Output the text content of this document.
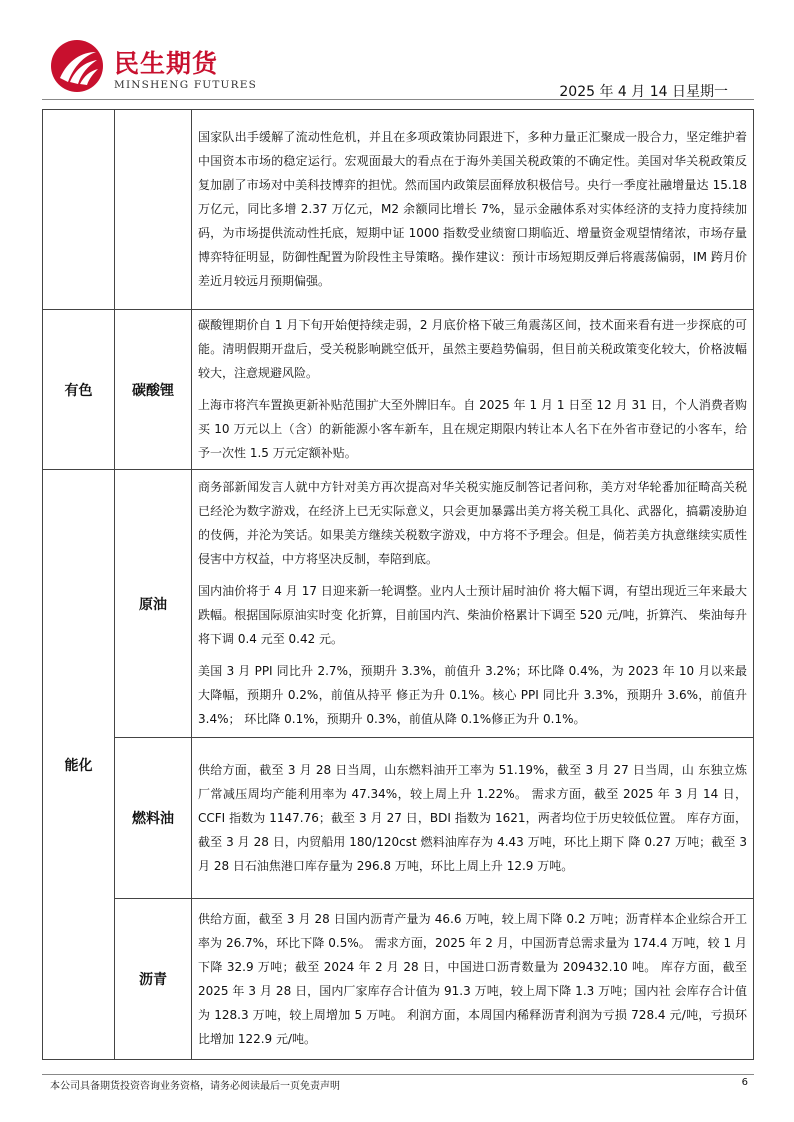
民生期货
MINSHENG FUTURES	2025 年 4 月 14 日星期一

		国家队出手缓解了流动性危机，并且在多项政策协同跟进下，多种力量正汇聚成一股合力，坚定维护着中国资本市场的稳定运行。宏观面最大的看点在于海外美国关税政策的不确定性。美国对华关税政策反复加剧了市场对中美科技博弈的担忧。然而国内政策层面释放积极信号。央行一季度社融增量达 15.18 万亿元，同比多增 2.37 万亿元，M2 余额同比增长 7%，显示金融体系对实体经济的支持力度持续加码，为市场提供流动性托底，短期中证 1000 指数受业绩窗口期临近、增量资金观望情绪浓，市场存量博弈特征明显，防御性配置为阶段性主导策略。操作建议：预计市场短期反弹后将震荡偏弱，IM 跨月价差近月较远月预期偏强。

有色	碳酸锂	碳酸锂期价自 1 月下旬开始便持续走弱，2 月底价格下破三角震荡区间，技术面来看有进一步探底的可能。清明假期开盘后，受关税影响跳空低开，虽然主要趋势偏弱，但目前关税政策变化较大，价格波幅较大，注意规避风险。

上海市将汽车置换更新补贴范围扩大至外牌旧车。自 2025 年 1 月 1 日至 12 月 31 日，个人消费者购买 10 万元以上（含）的新能源小客车新车，且在规定期限内转让本人名下在外省市登记的小客车，给予一次性 1.5 万元定额补贴。

能化	原油	商务部新闻发言人就中方针对美方再次提高对华关税实施反制答记者问称，美方对华轮番加征畸高关税已经沦为数字游戏，在经济上已无实际意义，只会更加暴露出美方将关税工具化、武器化，搞霸凌胁迫的伎俩，并沦为笑话。如果美方继续关税数字游戏，中方将不予理会。但是，倘若美方执意继续实质性侵害中方权益，中方将坚决反制，奉陪到底。

国内油价将于 4 月 17 日迎来新一轮调整。业内人士预计届时油价 将大幅下调，有望出现近三年来最大跌幅。根据国际原油实时变 化折算，目前国内汽、柴油价格累计下调至 520 元/吨，折算汽、 柴油每升将下调 0.4 元至 0.42 元。

美国 3 月 PPI 同比升 2.7%，预期升 3.3%，前值升 3.2%；环比降 0.4%，为 2023 年 10 月以来最大降幅，预期升 0.2%，前值从持平 修正为升 0.1%。核心 PPI 同比升 3.3%，预期升 3.6%，前值升 3.4%； 环比降 0.1%，预期升 0.3%，前值从降 0.1%修正为升 0.1%。

	燃料油	供给方面，截至 3 月 28 日当周，山东燃料油开工率为 51.19%，截至 3 月 27 日当周，山 东独立炼厂常减压周均产能利用率为 47.34%，较上周上升 1.22%。 需求方面，截至 2025 年 3 月 14 日，CCFI 指数为 1147.76；截至 3 月 27 日，BDI 指数为 1621，两者均位于历史较低位置。 库存方面，截至 3 月 28 日，内贸船用 180/120cst 燃料油库存为 4.43 万吨，环比上期下 降 0.27 万吨；截至 3 月 28 日石油焦港口库存量为 296.8 万吨，环比上周上升 12.9 万吨。

	沥青	供给方面，截至 3 月 28 日国内沥青产量为 46.6 万吨，较上周下降 0.2 万吨；沥青样本企业综合开工率为 26.7%，环比下降 0.5%。 需求方面，2025 年 2 月，中国沥青总需求量为 174.4 万吨，较 1 月下降 32.9 万吨；截至 2024 年 2 月 28 日，中国进口沥青数量为 209432.10 吨。 库存方面，截至 2025 年 3 月 28 日，国内厂家库存合计值为 91.3 万吨，较上周下降 1.3 万吨；国内社 会库存合计值为 128.3 万吨，较上周增加 5 万吨。 利润方面，本周国内稀释沥青利润为亏损 728.4 元/吨，亏损环比增加 122.9 元/吨。

本公司具备期货投资咨询业务资格，请务必阅读最后一页免责声明	6
